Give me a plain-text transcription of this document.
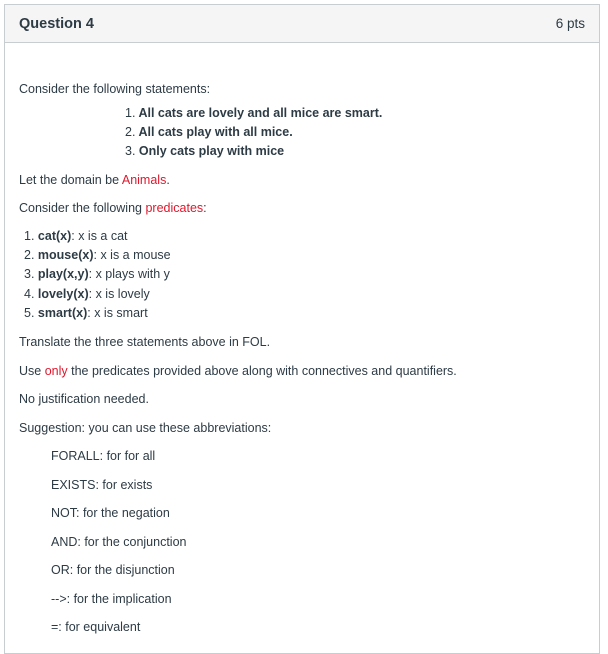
Question 4	6 pts

Consider the following statements:

1. All cats are lovely and all mice are smart.
2. All cats play with all mice.
3. Only cats play with mice

Let the domain be Animals.

Consider the following predicates:

1. cat(x): x is a cat
2. mouse(x): x is a mouse
3. play(x,y): x plays with y
4. lovely(x): x is lovely
5. smart(x): x is smart

Translate the three statements above in FOL.

Use only the predicates provided above along with connectives and quantifiers.

No justification needed.

Suggestion: you can use these abbreviations:

FORALL: for for all

EXISTS: for exists

NOT: for the negation

AND: for the conjunction

OR: for the disjunction

-->: for the implication

=: for equivalent
